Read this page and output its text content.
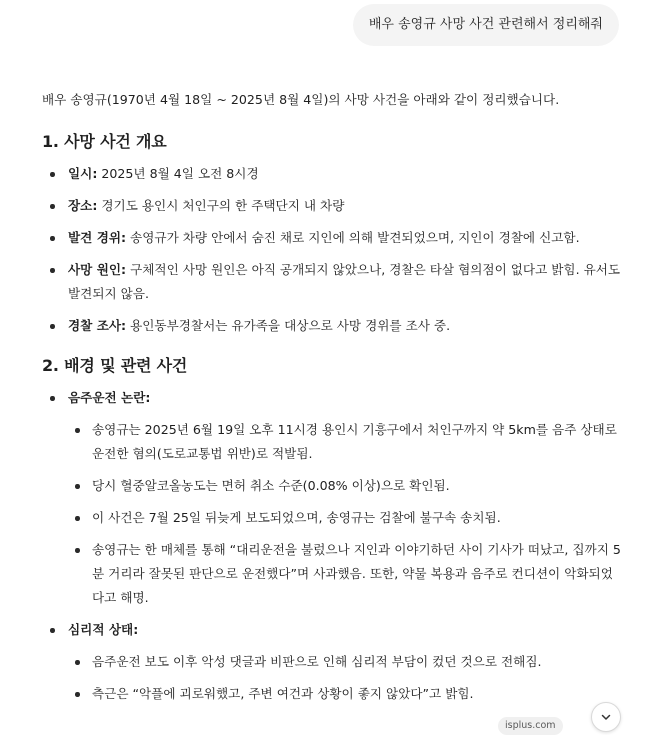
배우 송영규 사망 사건 관련해서 정리해줘

배우 송영규(1970년 4월 18일 ~ 2025년 8월 4일)의 사망 사건을 아래와 같이 정리했습니다.

1. 사망 사건 개요
일시: 2025년 8월 4일 오전 8시경
장소: 경기도 용인시 처인구의 한 주택단지 내 차량
발견 경위: 송영규가 차량 안에서 숨진 채로 지인에 의해 발견되었으며, 지인이 경찰에 신고함.
사망 원인: 구체적인 사망 원인은 아직 공개되지 않았으나, 경찰은 타살 혐의점이 없다고 밝힘. 유서도 발견되지 않음.
경찰 조사: 용인동부경찰서는 유가족을 대상으로 사망 경위를 조사 중.
2. 배경 및 관련 사건
음주운전 논란:
송영규는 2025년 6월 19일 오후 11시경 용인시 기흥구에서 처인구까지 약 5km를 음주 상태로 운전한 혐의(도로교통법 위반)로 적발됨.
당시 혈중알코올농도는 면허 취소 수준(0.08% 이상)으로 확인됨.
이 사건은 7월 25일 뒤늦게 보도되었으며, 송영규는 검찰에 불구속 송치됨.
송영규는 한 매체를 통해 “대리운전을 불렀으나 지인과 이야기하던 사이 기사가 떠났고, 집까지 5분 거리라 잘못된 판단으로 운전했다”며 사과했음. 또한, 약물 복용과 음주로 컨디션이 악화되었다고 해명.
심리적 상태:
음주운전 보도 이후 악성 댓글과 비판으로 인해 심리적 부담이 컸던 것으로 전해짐.
측근은 “악플에 괴로워했고, 주변 여건과 상황이 좋지 않았다”고 밝힘.
isplus.com
